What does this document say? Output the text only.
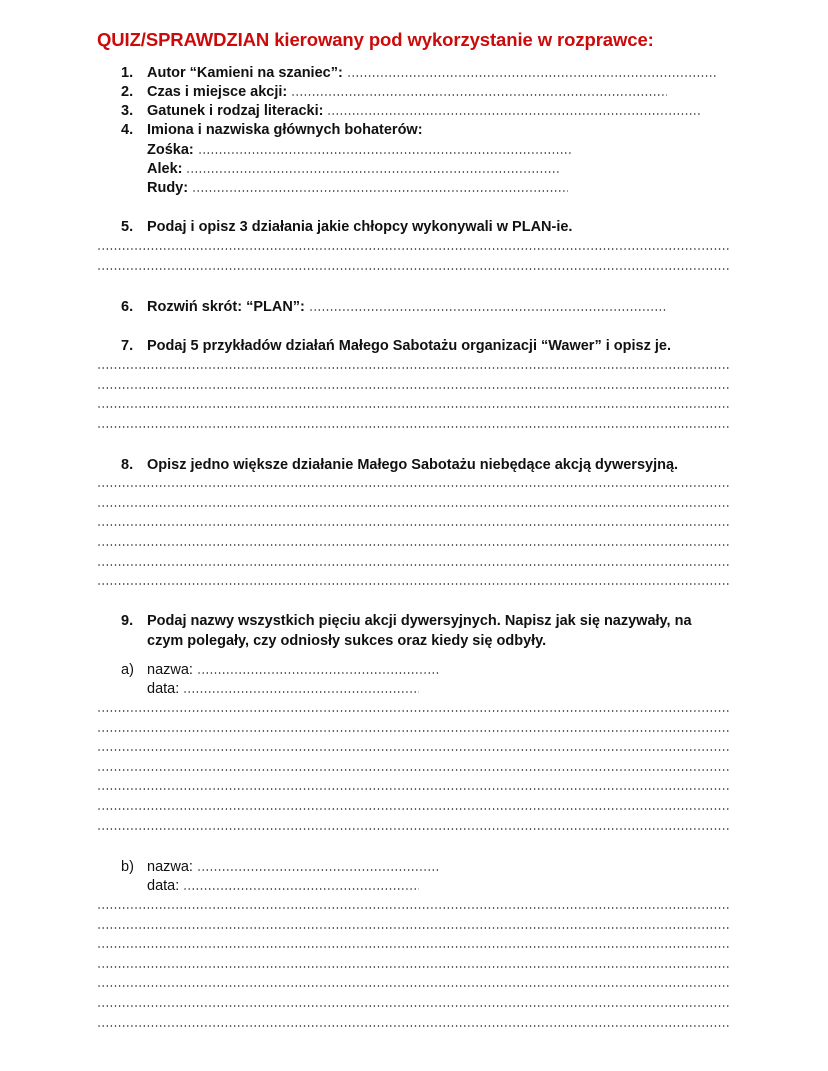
QUIZ/SPRAWDZIAN kierowany pod wykorzystanie w rozprawce:
1. Autor “Kamieni na szaniec”:
2. Czas i miejsce akcji:
3. Gatunek i rodzaj literacki:
4. Imiona i nazwiska głównych bohaterów:
Zośka:
Alek:
Rudy:
5. Podaj i opisz 3 działania jakie chłopcy wykonywali w PLAN-ie.
6. Rozwiń skrót: “PLAN”:
7. Podaj 5 przykładów działań Małego Sabotażu organizacji “Wawer” i opisz je.
8. Opisz jedno większe działanie Małego Sabotażu niebędące akcją dywersyjną.
9. Podaj nazwy wszystkich pięciu akcji dywersyjnych. Napisz jak się nazywały, na
czym polegały, czy odniosły sukces oraz kiedy się odbyły.
a) nazwa:
data:
b) nazwa:
data:
